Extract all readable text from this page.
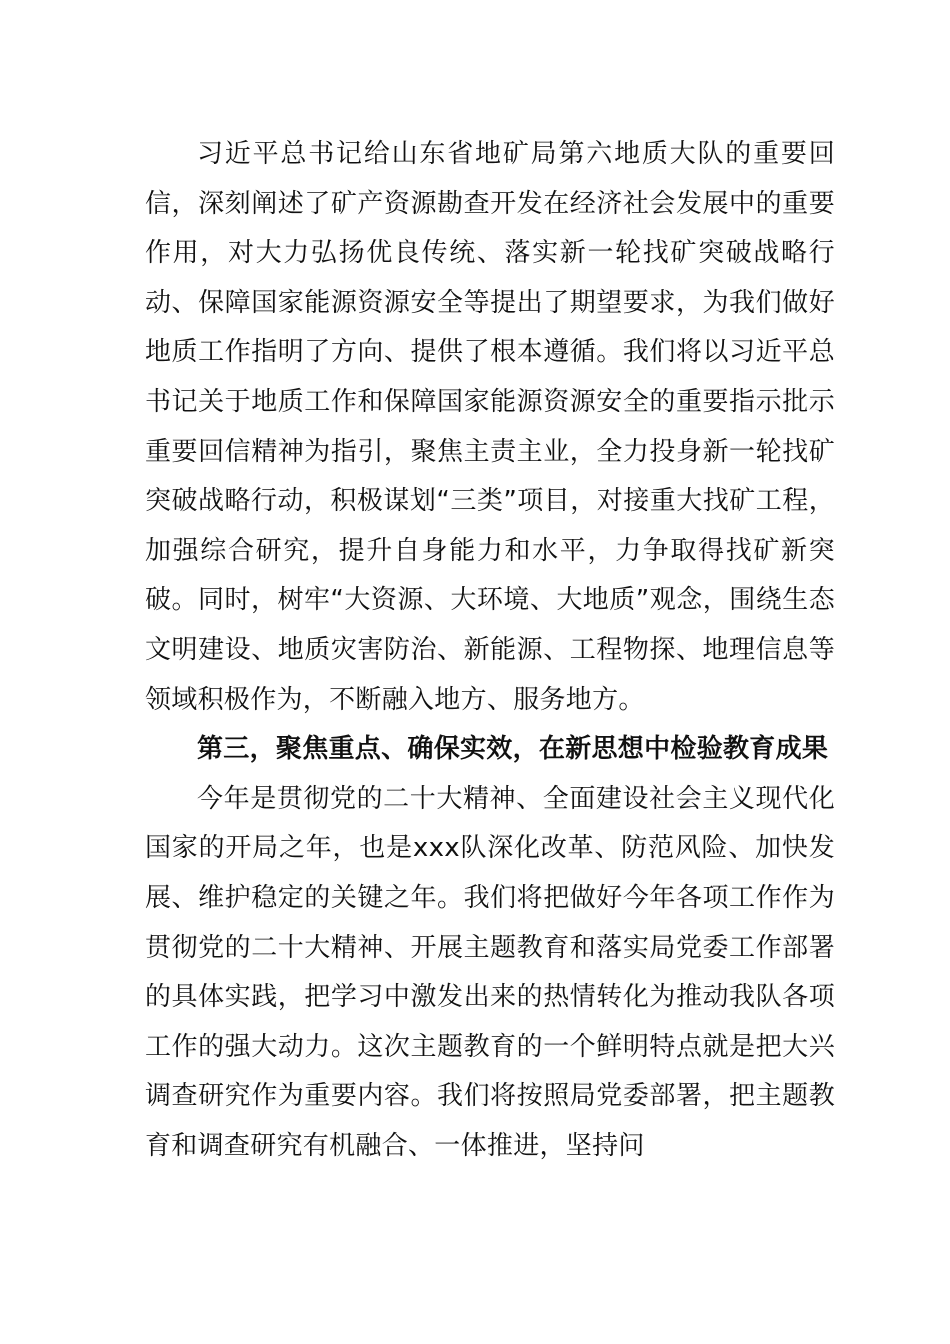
习近平总书记给山东省地矿局第六地质大队的重要回信，深刻阐述了矿产资源勘查开发在经济社会发展中的重要作用，对大力弘扬优良传统、落实新一轮找矿突破战略行动、保障国家能源资源安全等提出了期望要求，为我们做好地质工作指明了方向、提供了根本遵循。我们将以习近平总书记关于地质工作和保障国家能源资源安全的重要指示批示重要回信精神为指引，聚焦主责主业，全力投身新一轮找矿突破战略行动，积极谋划“三类”项目，对接重大找矿工程，加强综合研究，提升自身能力和水平，力争取得找矿新突破。同时，树牢“大资源、大环境、大地质”观念，围绕生态文明建设、地质灾害防治、新能源、工程物探、地理信息等领域积极作为，不断融入地方、服务地方。

第三，聚焦重点、确保实效，在新思想中检验教育成果

今年是贯彻党的二十大精神、全面建设社会主义现代化国家的开局之年，也是xxx队深化改革、防范风险、加快发展、维护稳定的关键之年。我们将把做好今年各项工作作为贯彻党的二十大精神、开展主题教育和落实局党委工作部署的具体实践，把学习中激发出来的热情转化为推动我队各项工作的强大动力。这次主题教育的一个鲜明特点就是把大兴调查研究作为重要内容。我们将按照局党委部署，把主题教育和调查研究有机融合、一体推进，坚持问
